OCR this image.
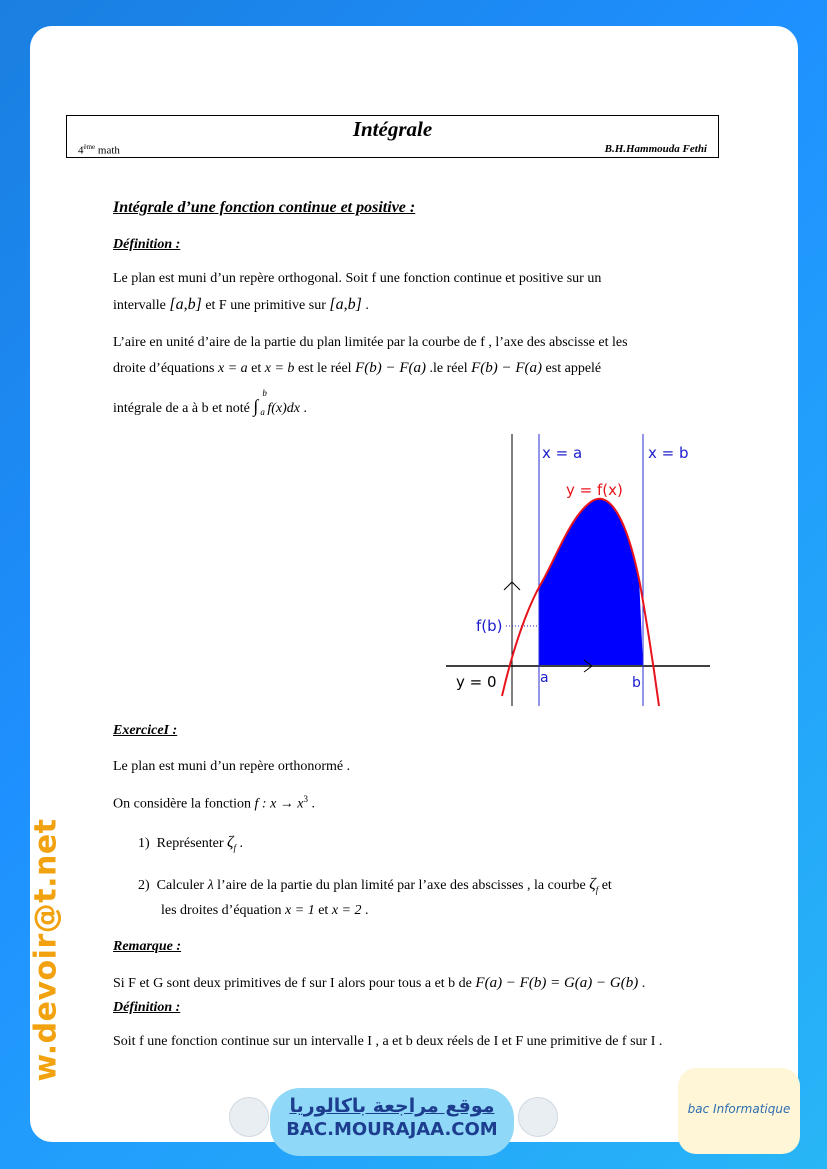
w.devoir@t.net
Intégrale
4ème math	B.H.Hammouda Fethi
Intégrale d’une fonction continue et positive :
Définition :
Le plan est muni d’un repère orthogonal. Soit f une fonction continue et positive sur un
intervalle [a,b] et F une primitive sur [a,b] .
L’aire en unité d’aire de la partie du plan limitée par la courbe de f , l’axe des abscisse et les
droite d’équations x = a et x = b est le réel F(b) − F(a) .le réel F(b) − F(a) est appelé
intégrale de a à b et noté ∫
b
a f(x)dx .
x = a	x = b
y = f(x)
f(b)
y = 0	a	b
ExerciceI :
Le plan est muni d’un repère orthonormé .
On considère la fonction f : $x \to x^3$ .
1) Représenter $\zeta_f$ .
2) Calculer λ l’aire de la partie du plan limité par l’axe des abscisses , la courbe $\zeta_f$ et
les droites d’équation x = 1 et x = 2 .
Remarque :
Si F et G sont deux primitives de f sur I alors pour tous a et b de F(a) − F(b) = G(a) − G(b) .
Définition :
Soit f une fonction continue sur un intervalle I , a et b deux réels de I et F une primitive de f sur I .
موقع مراجعة باكالوريا
BAC.MOURAJAA.COM
bac Informatique
